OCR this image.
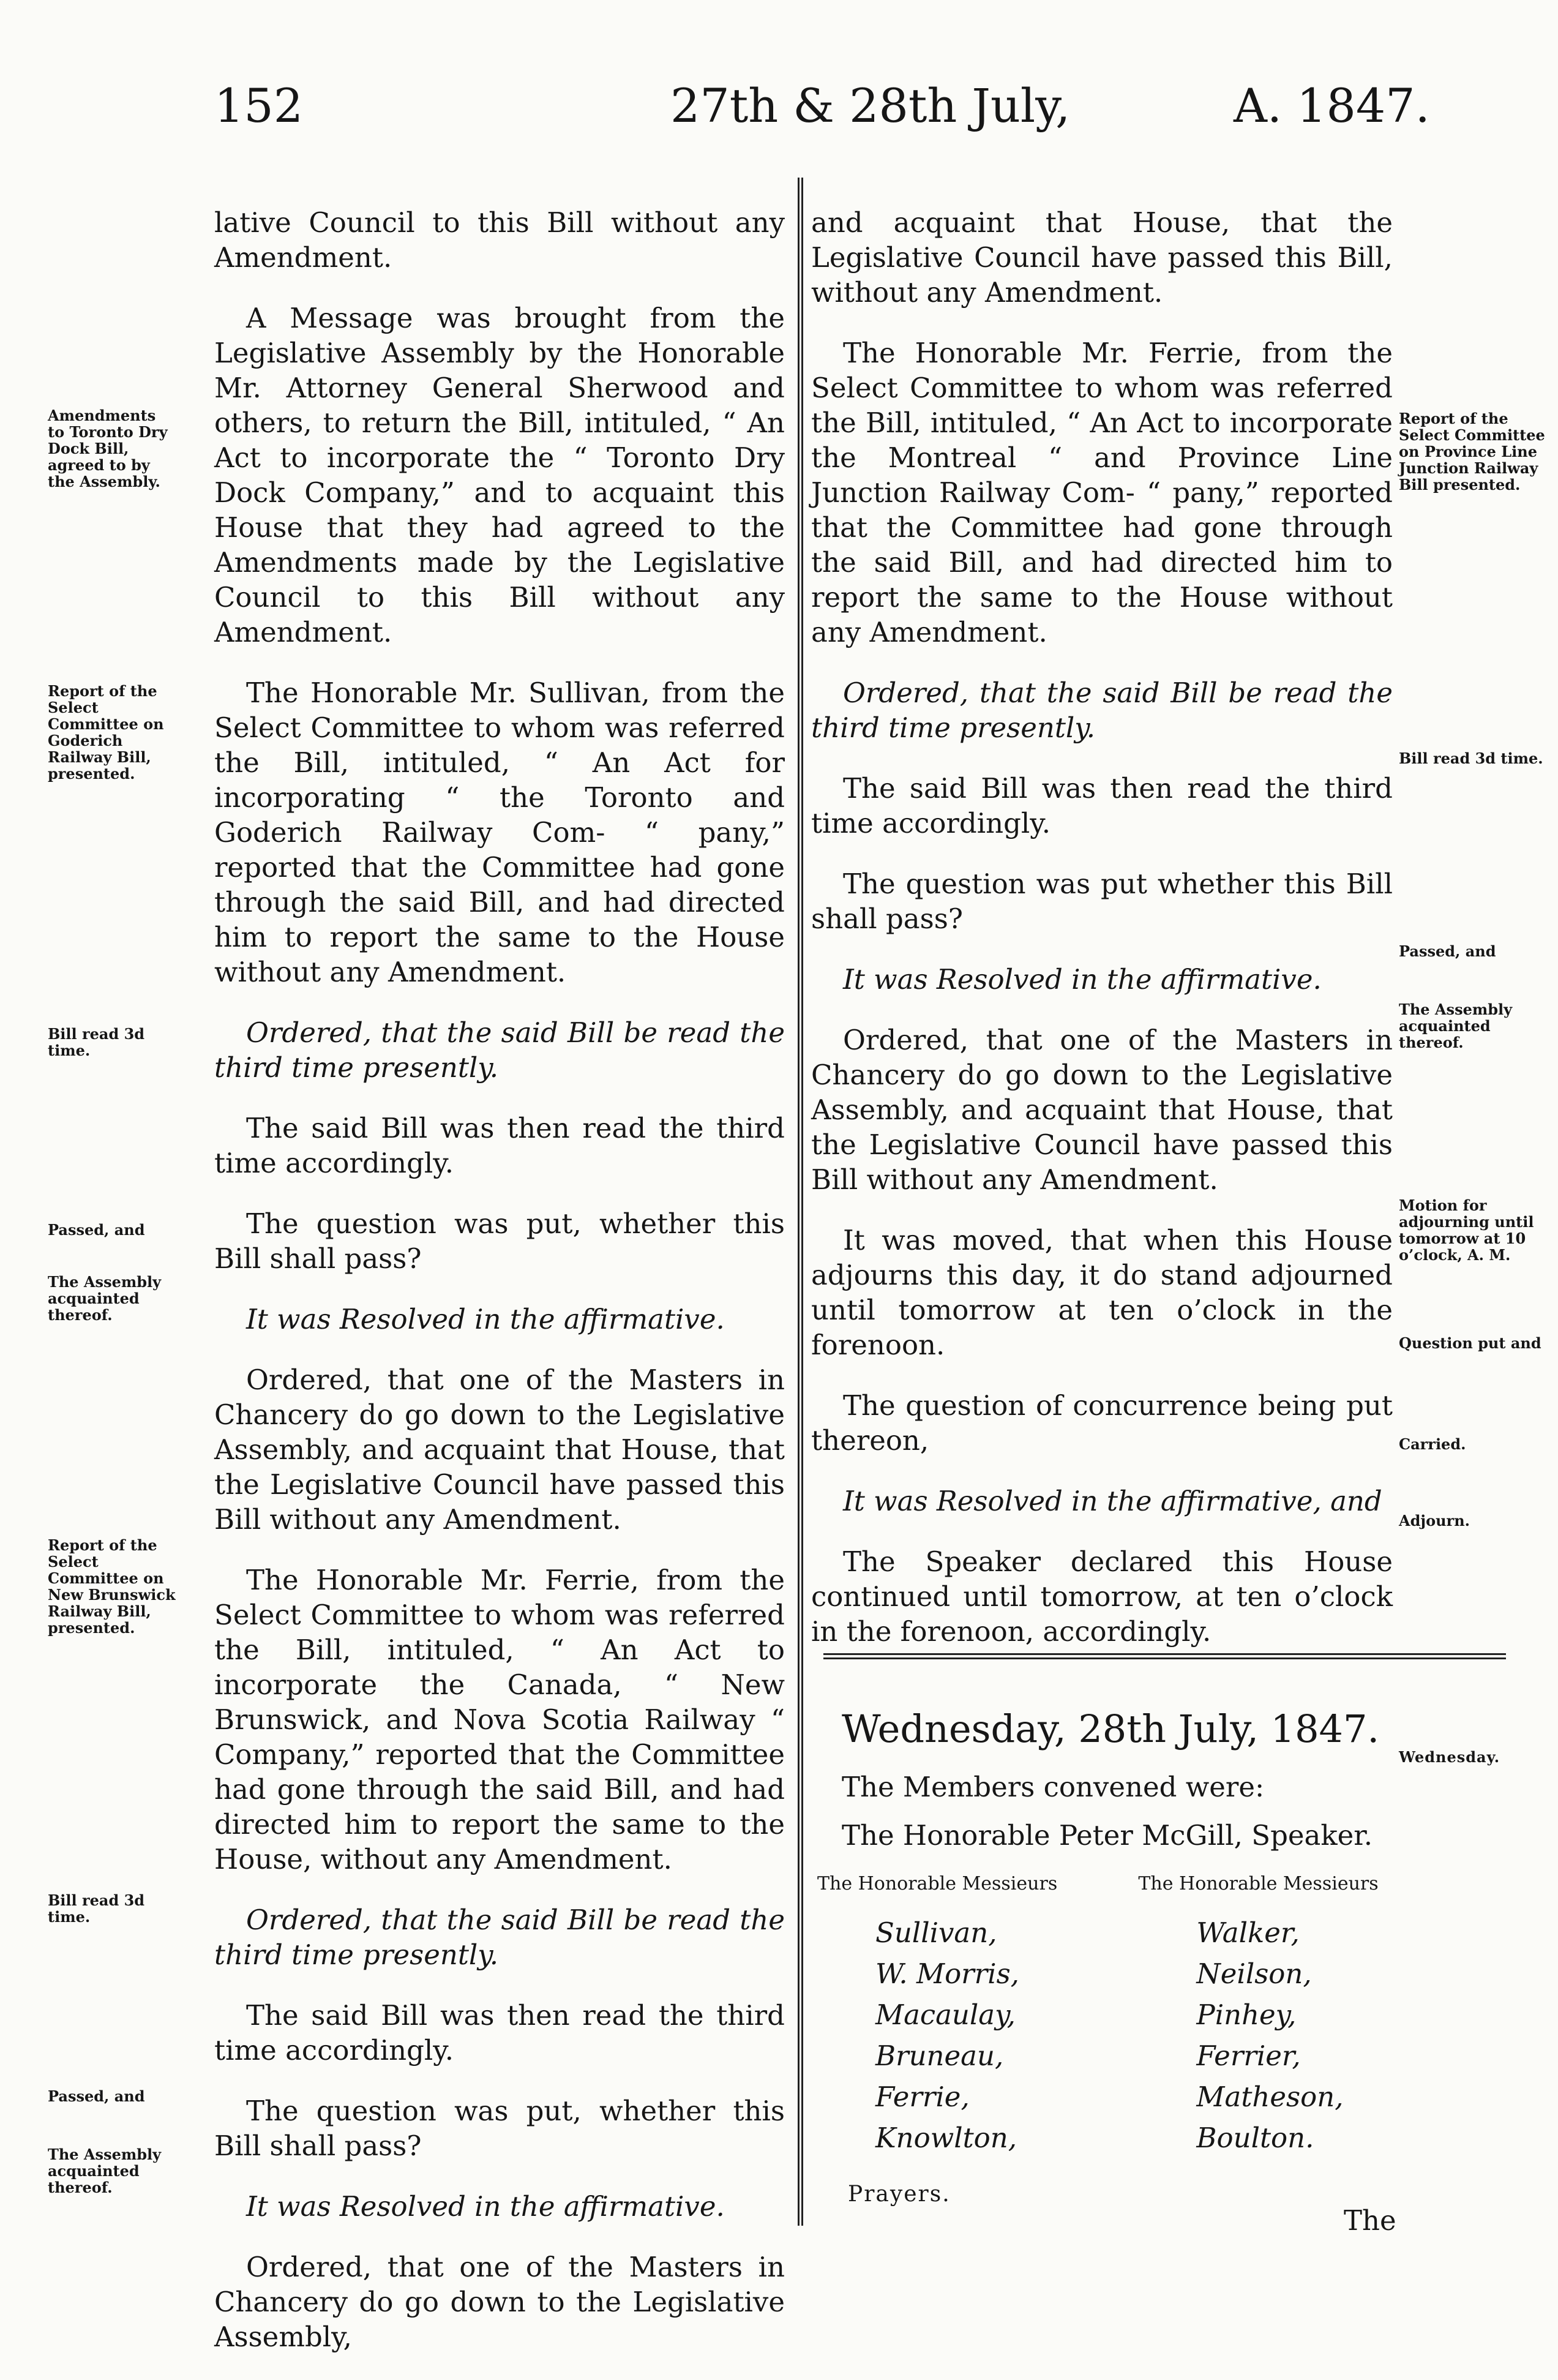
152	27th & 28th July,	A. 1847.

lative Council to this Bill without any Amendment.

A Message was brought from the Legislative Assembly by the Honorable Mr. Attorney General Sherwood and others, to return the Bill, intituled, “ An Act to incorporate the “ Toronto Dry Dock Company,” and to acquaint this House that they had agreed to the Amendments made by the Legislative Council to this Bill without any Amendment.

The Honorable Mr. Sullivan, from the Select Committee to whom was referred the Bill, intituled, “ An Act for incorporating “ the Toronto and Goderich Railway Com- “ pany,” reported that the Committee had gone through the said Bill, and had directed him to report the same to the House without any Amendment.

Ordered, that the said Bill be read the third time presently.

The said Bill was then read the third time accordingly.

The question was put, whether this Bill shall pass?

It was Resolved in the affirmative.

Ordered, that one of the Masters in Chancery do go down to the Legislative Assembly, and acquaint that House, that the Legislative Council have passed this Bill without any Amendment.

The Honorable Mr. Ferrie, from the Select Committee to whom was referred the Bill, intituled, “ An Act to incorporate the Canada, “ New Brunswick, and Nova Scotia Railway “ Company,” reported that the Committee had gone through the said Bill, and had directed him to report the same to the House, without any Amendment.

Ordered, that the said Bill be read the third time presently.

The said Bill was then read the third time accordingly.

The question was put, whether this Bill shall pass?

It was Resolved in the affirmative.

Ordered, that one of the Masters in Chancery do go down to the Legislative Assembly,

Amendments to Toronto Dry Dock Bill, agreed to by the Assembly.
Report of the Select Committee on Goderich Railway Bill, presented.
Bill read 3d time.
Passed, and
The Assembly acquainted thereof.
Report of the Select Committee on New Brunswick Railway Bill, presented.
Bill read 3d time.
Passed, and
The Assembly acquainted thereof.

and acquaint that House, that the Legislative Council have passed this Bill, without any Amendment.

The Honorable Mr. Ferrie, from the Select Committee to whom was referred the Bill, intituled, “ An Act to incorporate the Montreal “ and Province Line Junction Railway Com- “ pany,” reported that the Committee had gone through the said Bill, and had directed him to report the same to the House without any Amendment.

Ordered, that the said Bill be read the third time presently.

The said Bill was then read the third time accordingly.

The question was put whether this Bill shall pass?

It was Resolved in the affirmative.

Ordered, that one of the Masters in Chancery do go down to the Legislative Assembly, and acquaint that House, that the Legislative Council have passed this Bill without any Amendment.

It was moved, that when this House adjourns this day, it do stand adjourned until tomorrow at ten o’clock in the forenoon.

The question of concurrence being put thereon,

It was Resolved in the affirmative, and

The Speaker declared this House continued until tomorrow, at ten o’clock in the forenoon, accordingly.

Wednesday, 28th July, 1847.

The Members convened were:

The Honorable Peter McGill, Speaker.

The Honorable Messieurs
Sullivan,
W. Morris,
Macaulay,
Bruneau,
Ferrie,
Knowlton,
The Honorable Messieurs
Walker,
Neilson,
Pinhey,
Ferrier,
Matheson,
Boulton.
Prayers.
Report of the Select Committee on Province Line Junction Railway Bill presented.
Bill read 3d time.
Passed, and
The Assembly acquainted thereof.
Motion for adjourning until tomorrow at 10 o’clock, A. M.
Question put and
Carried.
Adjourn.
Wednesday.
The
